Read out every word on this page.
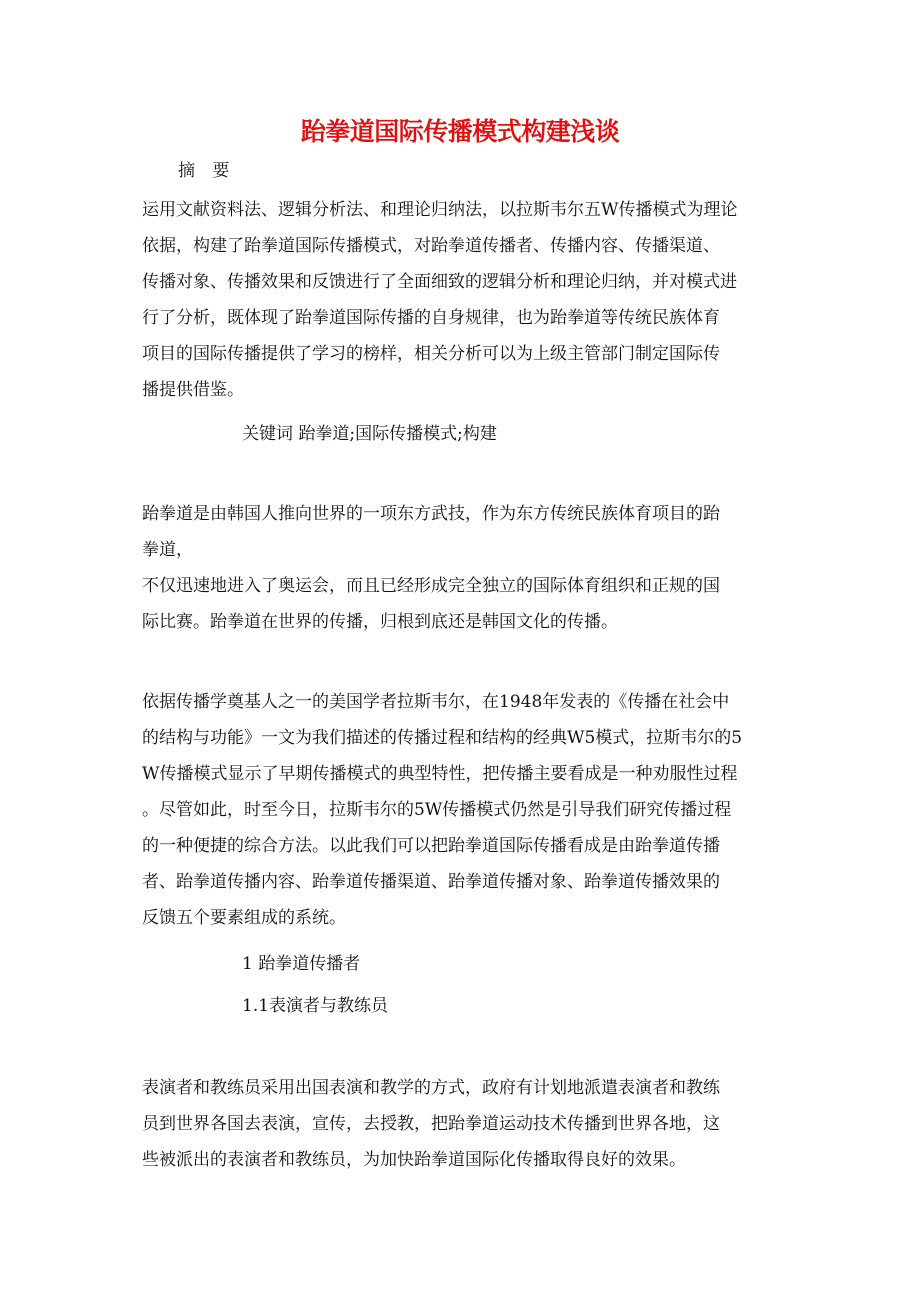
跆拳道国际传播模式构建浅谈
摘 要
运用文献资料法、逻辑分析法、和理论归纳法，以拉斯韦尔五W传播模式为理论
依据，构建了跆拳道国际传播模式，对跆拳道传播者、传播内容、传播渠道、
传播对象、传播效果和反馈进行了全面细致的逻辑分析和理论归纳，并对模式进
行了分析，既体现了跆拳道国际传播的自身规律，也为跆拳道等传统民族体育
项目的国际传播提供了学习的榜样，相关分析可以为上级主管部门制定国际传
播提供借鉴。
关键词 跆拳道;国际传播模式;构建
跆拳道是由韩国人推向世界的一项东方武技，作为东方传统民族体育项目的跆
拳道，
不仅迅速地进入了奥运会，而且已经形成完全独立的国际体育组织和正规的国
际比赛。跆拳道在世界的传播，归根到底还是韩国文化的传播。
依据传播学奠基人之一的美国学者拉斯韦尔，在1948年发表的《传播在社会中
的结构与功能》一文为我们描述的传播过程和结构的经典W5模式，拉斯韦尔的5
W传播模式显示了早期传播模式的典型特性，把传播主要看成是一种劝服性过程
。尽管如此，时至今日，拉斯韦尔的5W传播模式仍然是引导我们研究传播过程
的一种便捷的综合方法。以此我们可以把跆拳道国际传播看成是由跆拳道传播
者、跆拳道传播内容、跆拳道传播渠道、跆拳道传播对象、跆拳道传播效果的
反馈五个要素组成的系统。
1 跆拳道传播者
1.1表演者与教练员
表演者和教练员采用出国表演和教学的方式，政府有计划地派遣表演者和教练
员到世界各国去表演，宣传，去授教，把跆拳道运动技术传播到世界各地，这
些被派出的表演者和教练员，为加快跆拳道国际化传播取得良好的效果。
